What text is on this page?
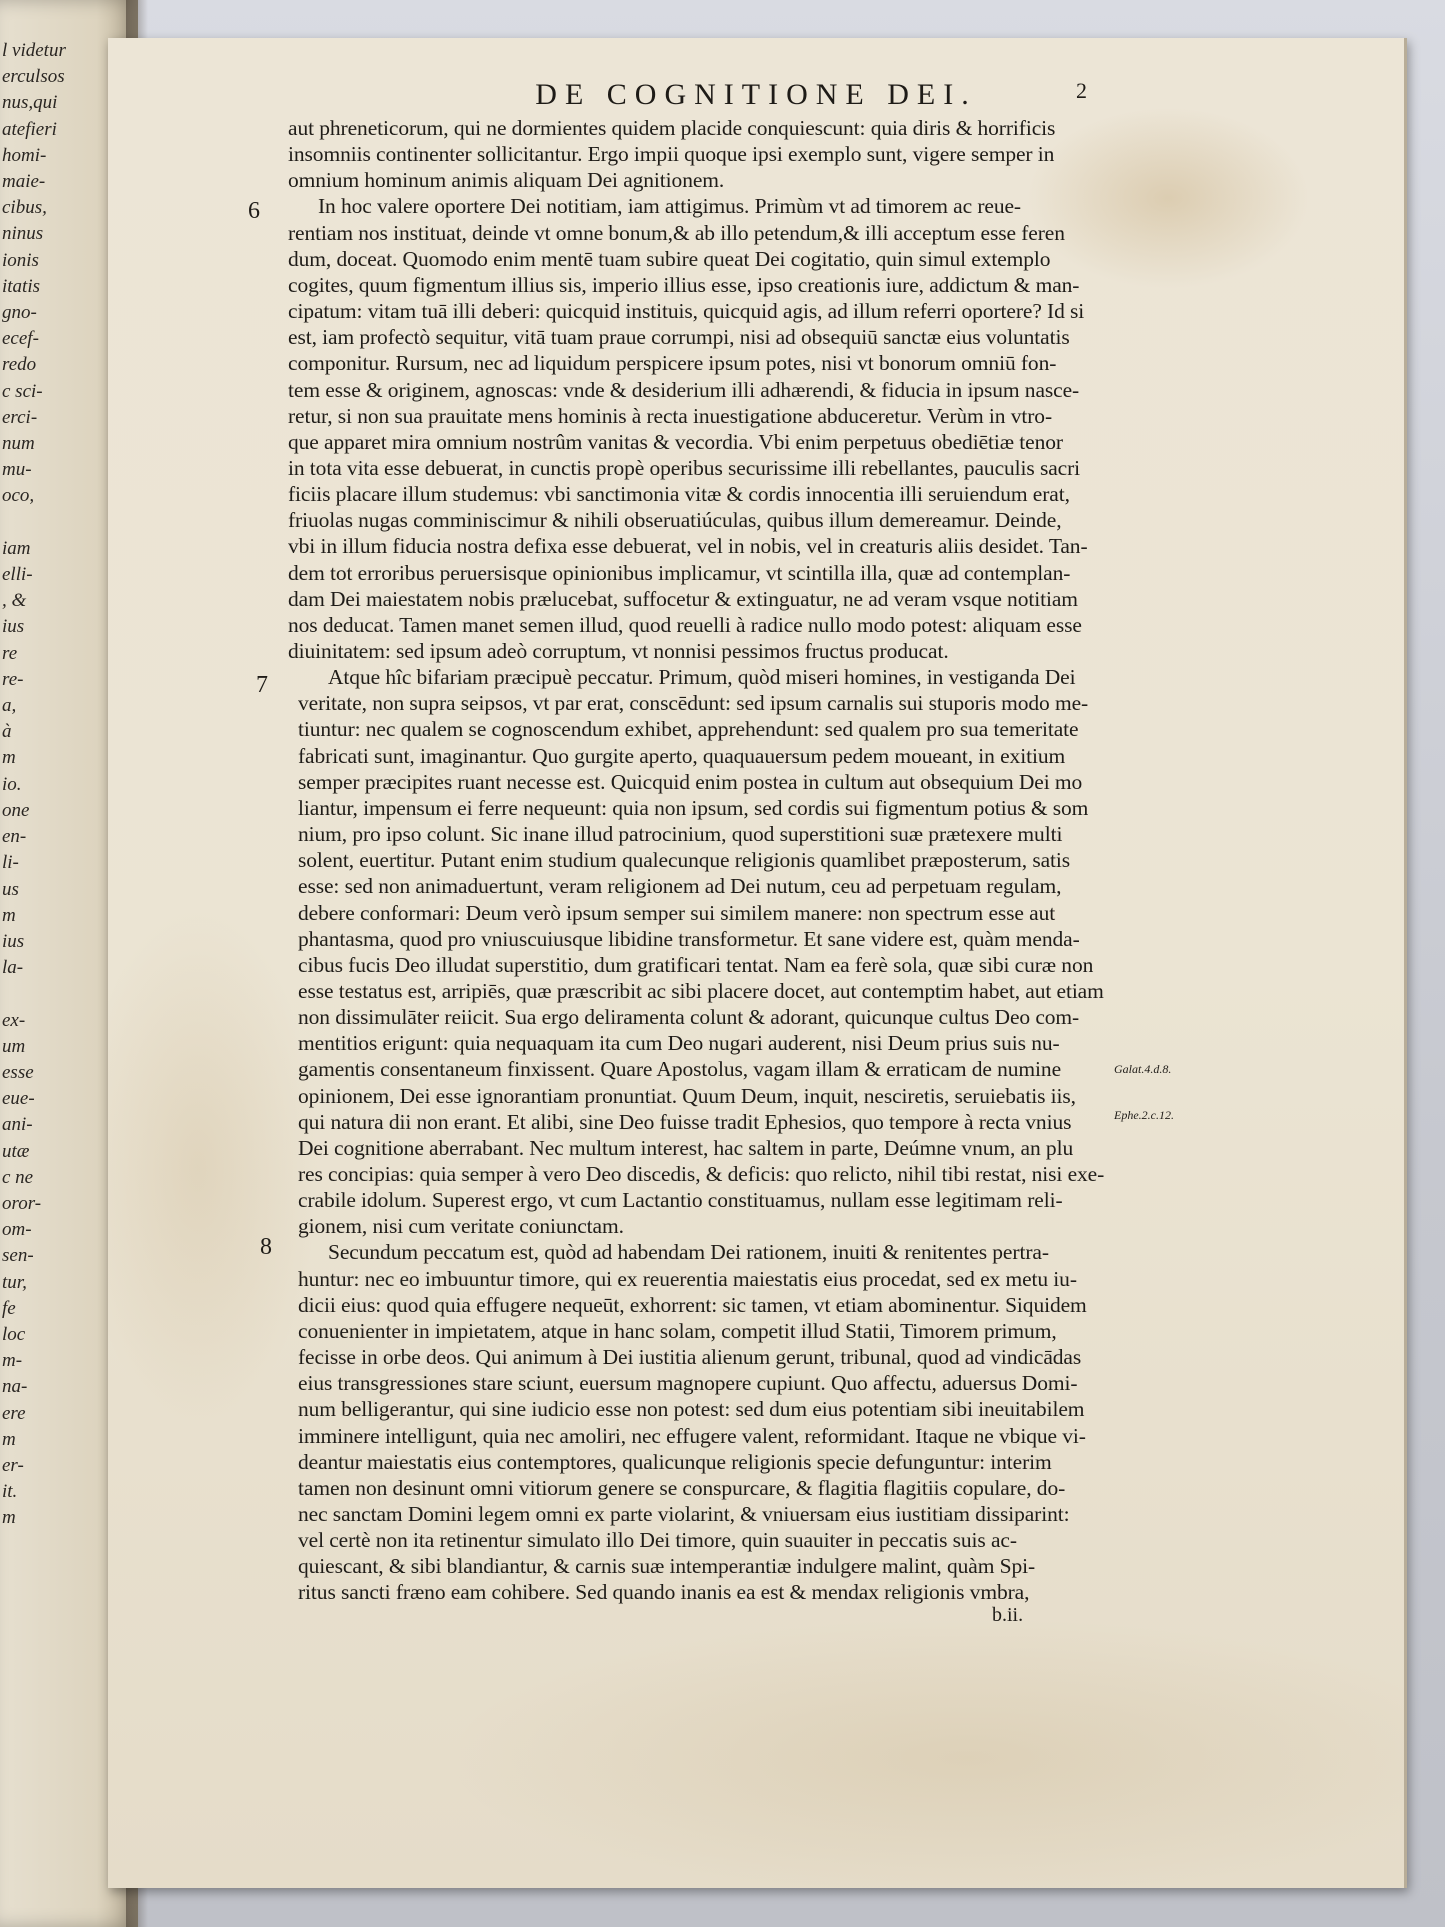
l videtur
erculsos
nus,qui
atefieri
homi-
maie-
cibus,
ninus
ionis
itatis
gno-
ecef-
redo
c sci-
erci-
num
mu-
oco,

iam
elli-
, &
ius
re
re-
a,
à
m
io.
one
en-
li-
us
m
ius
la-

ex-
um
esse
eue-
ani-
utæ
c ne
oror-
om-
sen-
tur,
fe
loc
m-
na-
ere
m
er-
it.
m
DE COGNITIONE DEI.	2
6
7
8
Galat.4.d.8.
Ephe.2.c.12.
aut phreneticorum, qui ne dormientes quidem placide conquiescunt: quia diris & horrificis
insomniis continenter sollicitantur. Ergo impii quoque ipsi exemplo sunt, vigere semper in
omnium hominum animis aliquam Dei agnitionem.
In hoc valere oportere Dei notitiam, iam attigimus. Primùm vt ad timorem ac reue-
rentiam nos instituat, deinde vt omne bonum,& ab illo petendum,& illi acceptum esse feren
dum, doceat. Quomodo enim mentē tuam subire queat Dei cogitatio, quin simul extemplo
cogites, quum figmentum illius sis, imperio illius esse, ipso creationis iure, addictum & man-
cipatum: vitam tuā illi deberi: quicquid instituis, quicquid agis, ad illum referri oportere? Id si
est, iam profectò sequitur, vitā tuam praue corrumpi, nisi ad obsequiū sanctæ eius voluntatis
componitur. Rursum, nec ad liquidum perspicere ipsum potes, nisi vt bonorum omniū fon-
tem esse & originem, agnoscas: vnde & desiderium illi adhærendi, & fiducia in ipsum nasce-
retur, si non sua prauitate mens hominis à recta inuestigatione abduceretur. Verùm in vtro-
que apparet mira omnium nostrûm vanitas & vecordia. Vbi enim perpetuus obediētiæ tenor
in tota vita esse debuerat, in cunctis propè operibus securissime illi rebellantes, pauculis sacri
ficiis placare illum studemus: vbi sanctimonia vitæ & cordis innocentia illi seruiendum erat,
friuolas nugas comminiscimur & nihili obseruatiúculas, quibus illum demereamur. Deinde,
vbi in illum fiducia nostra defixa esse debuerat, vel in nobis, vel in creaturis aliis desidet. Tan-
dem tot erroribus peruersisque opinionibus implicamur, vt scintilla illa, quæ ad contemplan-
dam Dei maiestatem nobis prælucebat, suffocetur & extinguatur, ne ad veram vsque notitiam
nos deducat. Tamen manet semen illud, quod reuelli à radice nullo modo potest: aliquam esse
diuinitatem: sed ipsum adeò corruptum, vt nonnisi pessimos fructus producat.
Atque hîc bifariam præcipuè peccatur. Primum, quòd miseri homines, in vestiganda Dei
veritate, non supra seipsos, vt par erat, conscēdunt: sed ipsum carnalis sui stuporis modo me-
tiuntur: nec qualem se cognoscendum exhibet, apprehendunt: sed qualem pro sua temeritate
fabricati sunt, imaginantur. Quo gurgite aperto, quaquauersum pedem moueant, in exitium
semper præcipites ruant necesse est. Quicquid enim postea in cultum aut obsequium Dei mo
liantur, impensum ei ferre nequeunt: quia non ipsum, sed cordis sui figmentum potius & som
nium, pro ipso colunt. Sic inane illud patrocinium, quod superstitioni suæ prætexere multi
solent, euertitur. Putant enim studium qualecunque religionis quamlibet præposterum, satis
esse: sed non animaduertunt, veram religionem ad Dei nutum, ceu ad perpetuam regulam,
debere conformari: Deum verò ipsum semper sui similem manere: non spectrum esse aut
phantasma, quod pro vniuscuiusque libidine transformetur. Et sane videre est, quàm menda-
cibus fucis Deo illudat superstitio, dum gratificari tentat. Nam ea ferè sola, quæ sibi curæ non
esse testatus est, arripiēs, quæ præscribit ac sibi placere docet, aut contemptim habet, aut etiam
non dissimulāter reiicit. Sua ergo deliramenta colunt & adorant, quicunque cultus Deo com-
mentitios erigunt: quia nequaquam ita cum Deo nugari auderent, nisi Deum prius suis nu-
gamentis consentaneum finxissent. Quare Apostolus, vagam illam & erraticam de numine
opinionem, Dei esse ignorantiam pronuntiat. Quum Deum, inquit, nesciretis, seruiebatis iis,
qui natura dii non erant. Et alibi, sine Deo fuisse tradit Ephesios, quo tempore à recta vnius
Dei cognitione aberrabant. Nec multum interest, hac saltem in parte, Deúmne vnum, an plu
res concipias: quia semper à vero Deo discedis, & deficis: quo relicto, nihil tibi restat, nisi exe-
crabile idolum. Superest ergo, vt cum Lactantio constituamus, nullam esse legitimam reli-
gionem, nisi cum veritate coniunctam.
Secundum peccatum est, quòd ad habendam Dei rationem, inuiti & renitentes pertra-
huntur: nec eo imbuuntur timore, qui ex reuerentia maiestatis eius procedat, sed ex metu iu-
dicii eius: quod quia effugere nequeūt, exhorrent: sic tamen, vt etiam abominentur. Siquidem
conuenienter in impietatem, atque in hanc solam, competit illud Statii, Timorem primum,
fecisse in orbe deos. Qui animum à Dei iustitia alienum gerunt, tribunal, quod ad vindicādas
eius transgressiones stare sciunt, euersum magnopere cupiunt. Quo affectu, aduersus Domi-
num belligerantur, qui sine iudicio esse non potest: sed dum eius potentiam sibi ineuitabilem
imminere intelligunt, quia nec amoliri, nec effugere valent, reformidant. Itaque ne vbique vi-
deantur maiestatis eius contemptores, qualicunque religionis specie defunguntur: interim
tamen non desinunt omni vitiorum genere se conspurcare, & flagitia flagitiis copulare, do-
nec sanctam Domini legem omni ex parte violarint, & vniuersam eius iustitiam dissiparint:
vel certè non ita retinentur simulato illo Dei timore, quin suauiter in peccatis suis ac-
quiescant, & sibi blandiantur, & carnis suæ intemperantiæ indulgere malint, quàm Spi-
ritus sancti fræno eam cohibere. Sed quando inanis ea est & mendax religionis vmbra,
b.ii.
